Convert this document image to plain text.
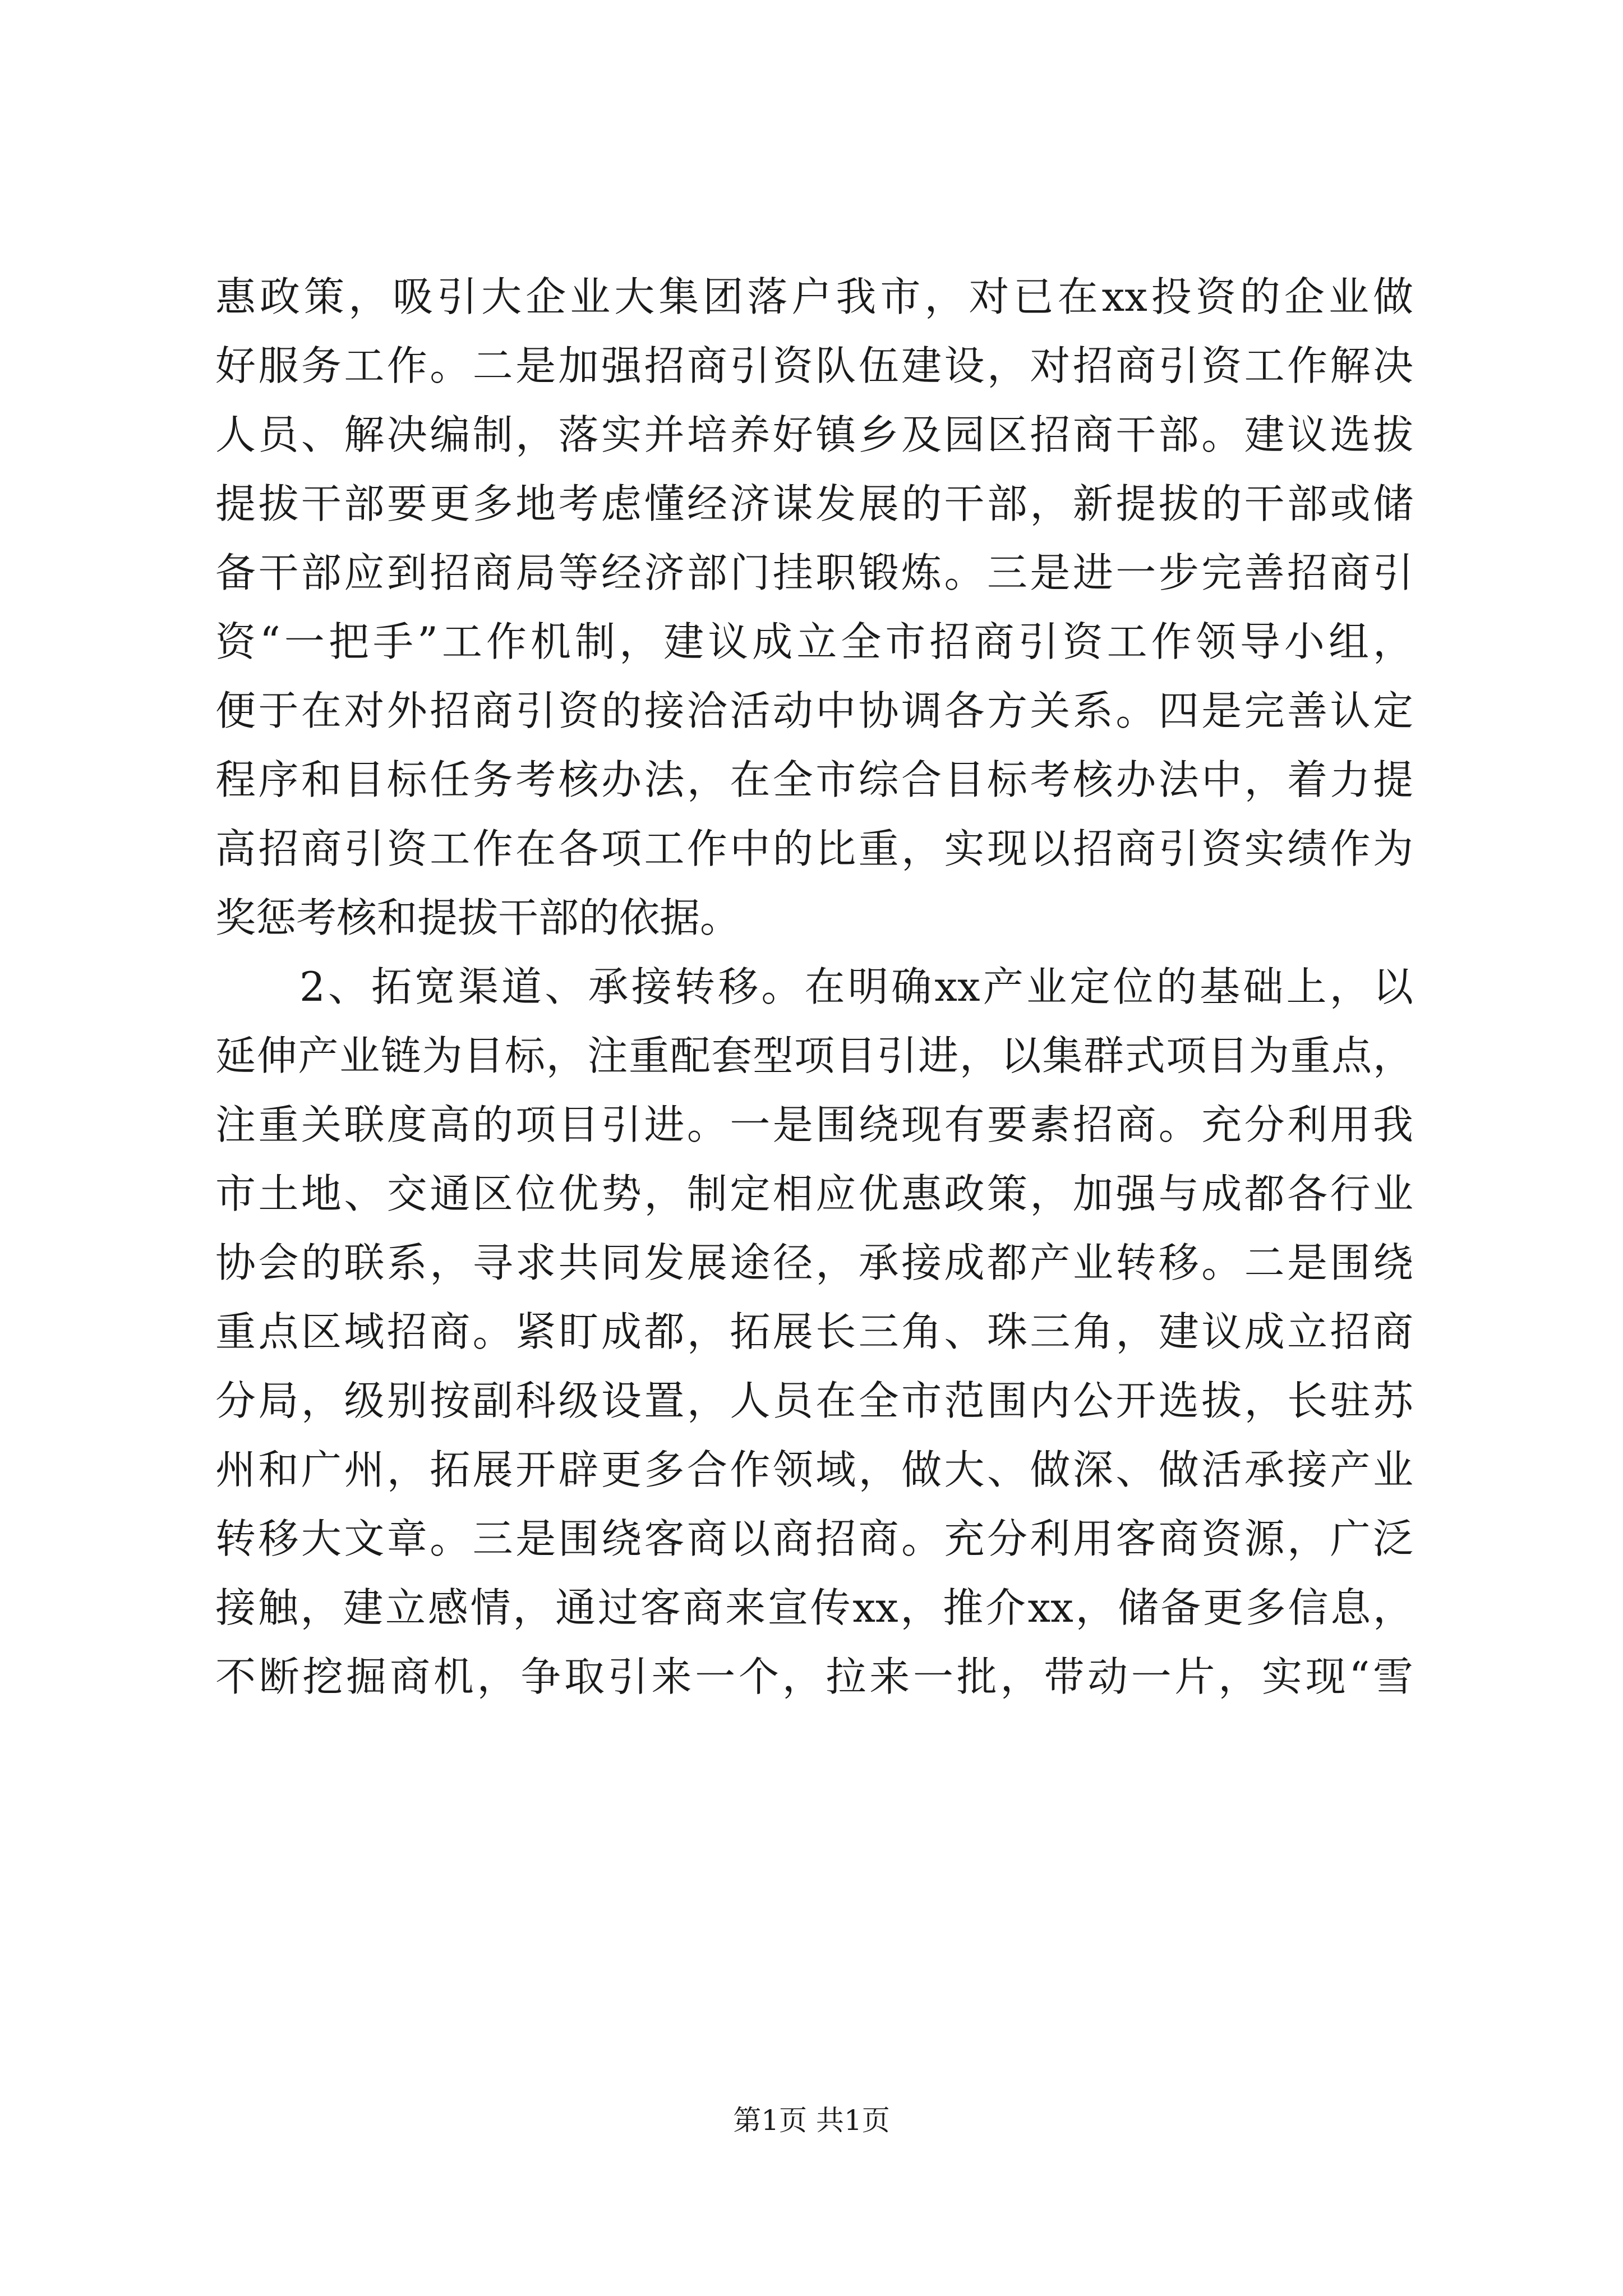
惠政策，吸引大企业大集团落户我市，对已在xx投资的企业做
好服务工作。二是加强招商引资队伍建设，对招商引资工作解决
人员、解决编制，落实并培养好镇乡及园区招商干部。建议选拔
提拔干部要更多地考虑懂经济谋发展的干部，新提拔的干部或储
备干部应到招商局等经济部门挂职锻炼。三是进一步完善招商引
资“一把手”工作机制，建议成立全市招商引资工作领导小组，
便于在对外招商引资的接洽活动中协调各方关系。四是完善认定
程序和目标任务考核办法，在全市综合目标考核办法中，着力提
高招商引资工作在各项工作中的比重，实现以招商引资实绩作为
奖惩考核和提拔干部的依据。
2、拓宽渠道、承接转移。在明确xx产业定位的基础上，以
延伸产业链为目标，注重配套型项目引进，以集群式项目为重点，
注重关联度高的项目引进。一是围绕现有要素招商。充分利用我
市土地、交通区位优势，制定相应优惠政策，加强与成都各行业
协会的联系，寻求共同发展途径，承接成都产业转移。二是围绕
重点区域招商。紧盯成都，拓展长三角、珠三角，建议成立招商
分局，级别按副科级设置，人员在全市范围内公开选拔，长驻苏
州和广州，拓展开辟更多合作领域，做大、做深、做活承接产业
转移大文章。三是围绕客商以商招商。充分利用客商资源，广泛
接触，建立感情，通过客商来宣传xx，推介xx，储备更多信息，
不断挖掘商机，争取引来一个，拉来一批，带动一片，实现“雪
第1页 共1页
